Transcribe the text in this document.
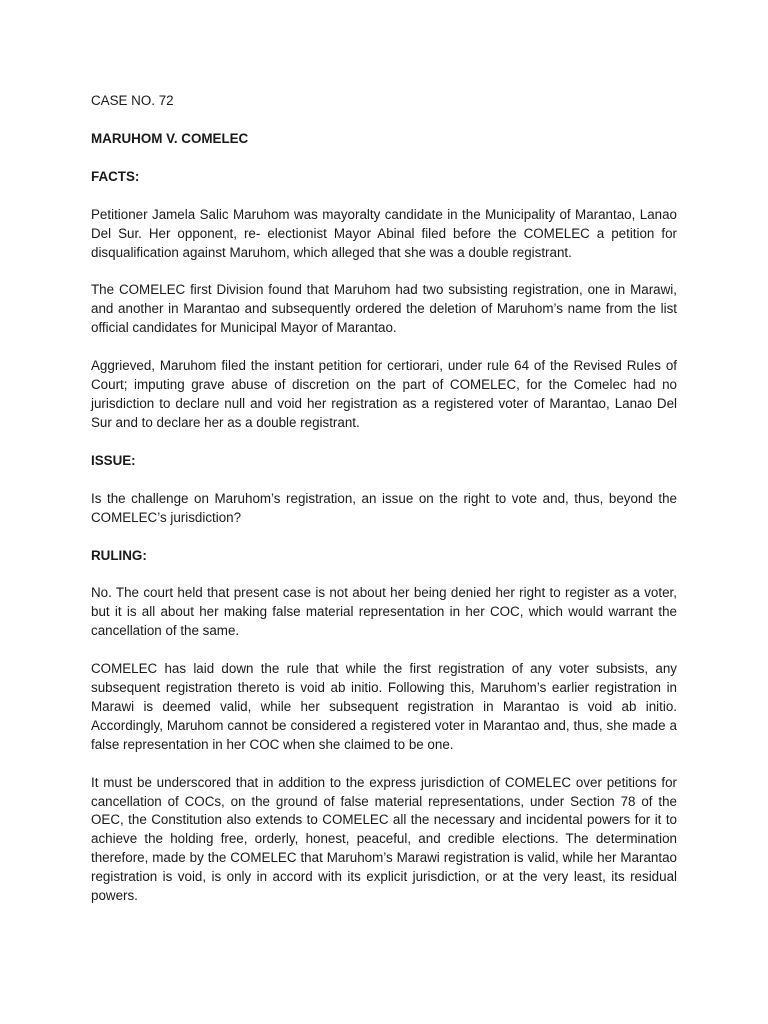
CASE NO. 72

MARUHOM V. COMELEC

FACTS:

Petitioner Jamela Salic Maruhom was mayoralty candidate in the Municipality of Marantao, Lanao Del Sur. Her opponent, re- electionist Mayor Abinal filed before the COMELEC a petition for disqualification against Maruhom, which alleged that she was a double registrant.

The COMELEC first Division found that Maruhom had two subsisting registration, one in Marawi, and another in Marantao and subsequently ordered the deletion of Maruhom’s name from the list official candidates for Municipal Mayor of Marantao.

Aggrieved, Maruhom filed the instant petition for certiorari, under rule 64 of the Revised Rules of Court; imputing grave abuse of discretion on the part of COMELEC, for the Comelec had no jurisdiction to declare null and void her registration as a registered voter of Marantao, Lanao Del Sur and to declare her as a double registrant.

ISSUE:

Is the challenge on Maruhom’s registration, an issue on the right to vote and, thus, beyond the COMELEC’s jurisdiction?

RULING:

No. The court held that present case is not about her being denied her right to register as a voter, but it is all about her making false material representation in her COC, which would warrant the cancellation of the same.

COMELEC has laid down the rule that while the first registration of any voter subsists, any subsequent registration thereto is void ab initio. Following this, Maruhom’s earlier registration in Marawi is deemed valid, while her subsequent registration in Marantao is void ab initio. Accordingly, Maruhom cannot be considered a registered voter in Marantao and, thus, she made a false representation in her COC when she claimed to be one.

It must be underscored that in addition to the express jurisdiction of COMELEC over petitions for cancellation of COCs, on the ground of false material representations, under Section 78 of the OEC, the Constitution also extends to COMELEC all the necessary and incidental powers for it to achieve the holding free, orderly, honest, peaceful, and credible elections. The determination therefore, made by the COMELEC that Maruhom’s Marawi registration is valid, while her Marantao registration is void, is only in accord with its explicit jurisdiction, or at the very least, its residual powers.
